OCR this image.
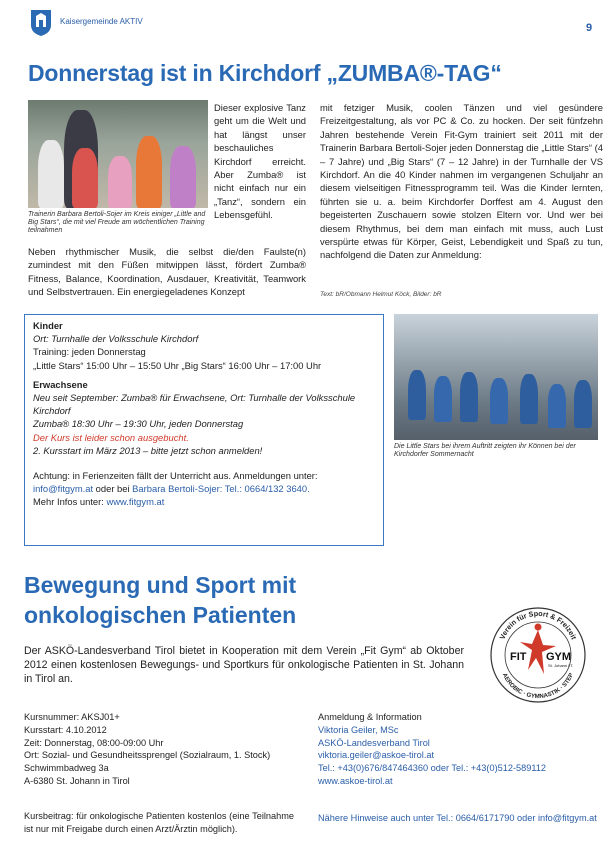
Kaisergemeinde AKTIV
9
Donnerstag ist in Kirchdorf „ZUMBA®-TAG“
Trainerin Barbara Bertoli-Sojer im Kreis einiger „Little and Big Stars“, die mit viel Freude am wöchentlichen Training teilnahmen

Dieser explosive Tanz geht um die Welt und hat längst unser beschauliches Kirchdorf erreicht. Aber Zumba® ist nicht einfach nur ein „Tanz“, sondern ein Lebensgefühl.

Neben rhythmischer Musik, die selbst die/den Faulste(n) zumindest mit den Füßen mitwippen lässt, fördert Zumba® Fitness, Balance, Koordination, Ausdauer, Kreativität, Teamwork und Selbstvertrauen. Ein energiegeladenes Konzept

mit fetziger Musik, coolen Tänzen und viel gesündere Freizeitgestaltung, als vor PC & Co. zu hocken. Der seit fünfzehn Jahren bestehende Verein Fit-Gym trainiert seit 2011 mit der Trainerin Barbara Bertoli-Sojer jeden Donnerstag die „Little Stars“ (4 – 7 Jahre) und „Big Stars“ (7 – 12 Jahre) in der Turnhalle der VS Kirchdorf. An die 40 Kinder nahmen im vergangenen Schuljahr an diesem vielseitigen Fitnessprogramm teil. Was die Kinder lernten, führten sie u. a. beim Kirchdorfer Dorffest am 4. August den begeisterten Zuschauern sowie stolzen Eltern vor. Und wer bei diesem Rhythmus, bei dem man einfach mit muss, auch Lust verspürte etwas für Körper, Geist, Lebendigkeit und Spaß zu tun, nachfolgend die Daten zur Anmeldung:

Text: bR/Obmann Helmut Köck, Bilder: bR
Kinder
Ort: Turnhalle der Volksschule Kirchdorf
Training: jeden Donnerstag
„Little Stars“ 15:00 Uhr – 15:50 Uhr „Big Stars“ 16:00 Uhr – 17:00 Uhr
Erwachsene
Neu seit September: Zumba® für Erwachsene, Ort: Turnhalle der Volksschule Kirchdorf
Zumba® 18:30 Uhr – 19:30 Uhr, jeden Donnerstag
Der Kurs ist leider schon ausgebucht.
2. Kursstart im März 2013 – bitte jetzt schon anmelden!
Achtung: in Ferienzeiten fällt der Unterricht aus. Anmeldungen unter:
info@fitgym.at oder bei Barbara Bertoli-Sojer: Tel.: 0664/132 3640.
Mehr Infos unter: www.fitgym.at
Die Little Stars bei ihrem Auftritt zeigten ihr Können bei der Kirchdorfer Sommernacht
Bewegung und Sport mit onkologischen Patienten
Verein für Sport & Freizeit
AEROBIC · GYMNASTIK · STEP
FIT GYM
St. Johann i.T.

Der ASKÖ-Landesverband Tirol bietet in Kooperation mit dem Verein „Fit Gym“ ab Oktober 2012 einen kostenlosen Bewegungs- und Sportkurs für onkologische Patienten in St. Johann in Tirol an.

Kursnummer: AKSJ01+
Kursstart: 4.10.2012
Zeit: Donnerstag, 08:00-09:00 Uhr
Ort: Sozial- und Gesundheitssprengel (Sozialraum, 1. Stock)
Schwimmbadweg 3a
A-6380 St. Johann in Tirol
Anmeldung & Information
Viktoria Geiler, MSc
ASKÖ-Landesverband Tirol
viktoria.geiler@askoe-tirol.at
Tel.: +43(0)676/847464360 oder Tel.: +43(0)512-589112
www.askoe-tirol.at

Kursbeitrag: für onkologische Patienten kostenlos (eine Teilnahme ist nur mit Freigabe durch einen Arzt/Ärztin möglich).

Nähere Hinweise auch unter Tel.: 0664/6171790 oder info@fitgym.at
